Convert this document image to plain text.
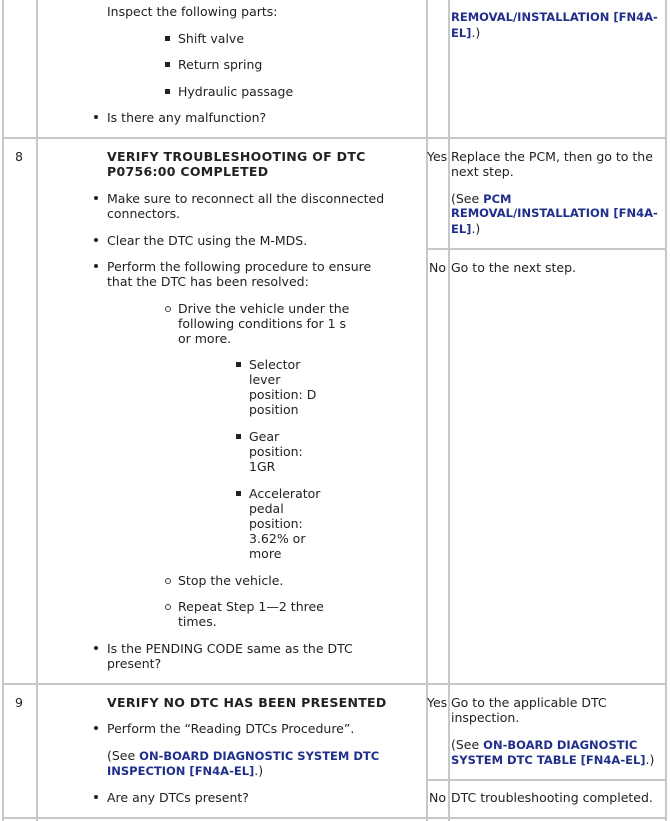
Inspect the following parts:
Shift valve
Return spring
Hydraulic passage
Is there any malfunction?
REMOVAL/INSTALLATION [FN4A-
EL].)
8	VERIFY TROUBLESHOOTING OF DTC
P0756:00 COMPLETED
Make sure to reconnect all the disconnected
connectors.
Clear the DTC using the M-MDS.
Perform the following procedure to ensure
that the DTC has been resolved:
Drive the vehicle under the
following conditions for 1 s
or more.
Selector
lever
position: D
position
Gear
position:
1GR
Accelerator
pedal
position:
3.62% or
more
Stop the vehicle.
Repeat Step 1—2 three
times.
Is the PENDING CODE same as the DTC
present?
Yes Replace the PCM, then go to the
next step.
(See PCM
REMOVAL/INSTALLATION [FN4A-
EL].)
No Go to the next step.
9	VERIFY NO DTC HAS BEEN PRESENTED
Perform the “Reading DTCs Procedure”.
(See ON-BOARD DIAGNOSTIC SYSTEM DTC
INSPECTION [FN4A-EL].)
Are any DTCs present?
Yes Go to the applicable DTC
inspection.
(See ON-BOARD DIAGNOSTIC
SYSTEM DTC TABLE [FN4A-EL].)
No DTC troubleshooting completed.
